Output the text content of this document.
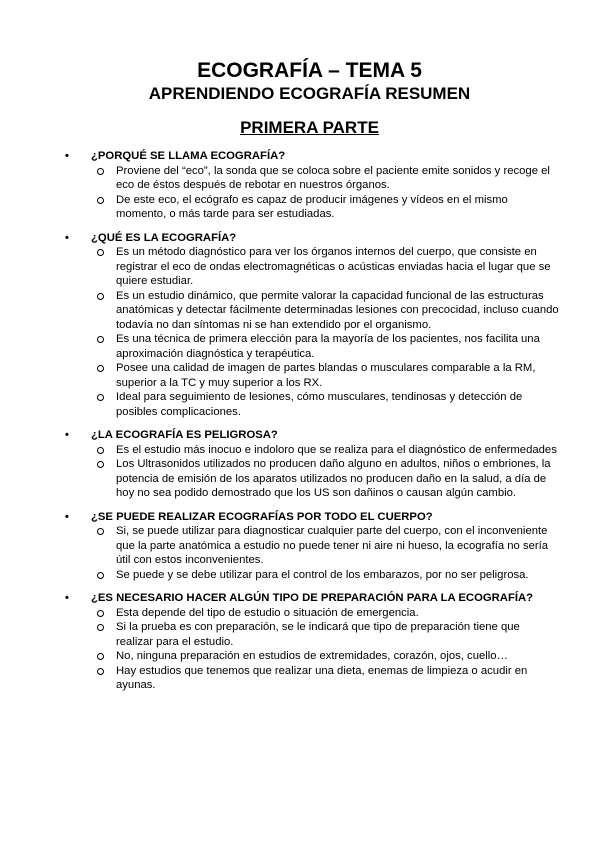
ECOGRAFÍA – TEMA 5
APRENDIENDO ECOGRAFÍA RESUMEN
PRIMERA PARTE
• ¿PORQUÉ SE LLAMA ECOGRAFÍA?
Proviene del “eco”, la sonda que se coloca sobre el paciente emite sonidos y recoge el eco de éstos después de rebotar en nuestros órganos.
De este eco, el ecógrafo es capaz de producir imágenes y vídeos en el mismo momento, o más tarde para ser estudiadas.
• ¿QUÉ ES LA ECOGRAFÍA?
Es un método diagnóstico para ver los órganos internos del cuerpo, que consiste en registrar el eco de ondas electromagnéticas o acústicas enviadas hacia el lugar que se quiere estudiar.
Es un estudio dinámico, que permite valorar la capacidad funcional de las estructuras anatómicas y detectar fácilmente determinadas lesiones con precocidad, incluso cuando todavía no dan síntomas ni se han extendido por el organismo.
Es una técnica de primera elección para la mayoría de los pacientes, nos facilita una aproximación diagnóstica y terapéutica.
Posee una calidad de imagen de partes blandas o musculares comparable a la RM, superior a la TC y muy superior a los RX.
Ideal para seguimiento de lesiones, cómo musculares, tendinosas y detección de posibles complicaciones.
• ¿LA ECOGRAFÍA ES PELIGROSA?
Es el estudio más inocuo e indoloro que se realiza para el diagnóstico de enfermedades
Los Ultrasonidos utilizados no producen daño alguno en adultos, niños o embriones, la potencia de emisión de los aparatos utilizados no producen daño en la salud, a día de hoy no sea podido demostrado que los US son dañinos o causan algún cambio.
• ¿SE PUEDE REALIZAR ECOGRAFÍAS POR TODO EL CUERPO?
Si, se puede utilizar para diagnosticar cualquier parte del cuerpo, con el inconveniente que la parte anatómica a estudio no puede tener ni aire ni hueso, la ecografía no sería útil con estos inconvenientes.
Se puede y se debe utilizar para el control de los embarazos, por no ser peligrosa.
• ¿ES NECESARIO HACER ALGÚN TIPO DE PREPARACIÓN PARA LA ECOGRAFÍA?
Esta depende del tipo de estudio o situación de emergencia.
Si la prueba es con preparación, se le indicará que tipo de preparación tiene que realizar para el estudio.
No, ninguna preparación en estudios de extremidades, corazón, ojos, cuello…
Hay estudios que tenemos que realizar una dieta, enemas de limpieza o acudir en ayunas.
